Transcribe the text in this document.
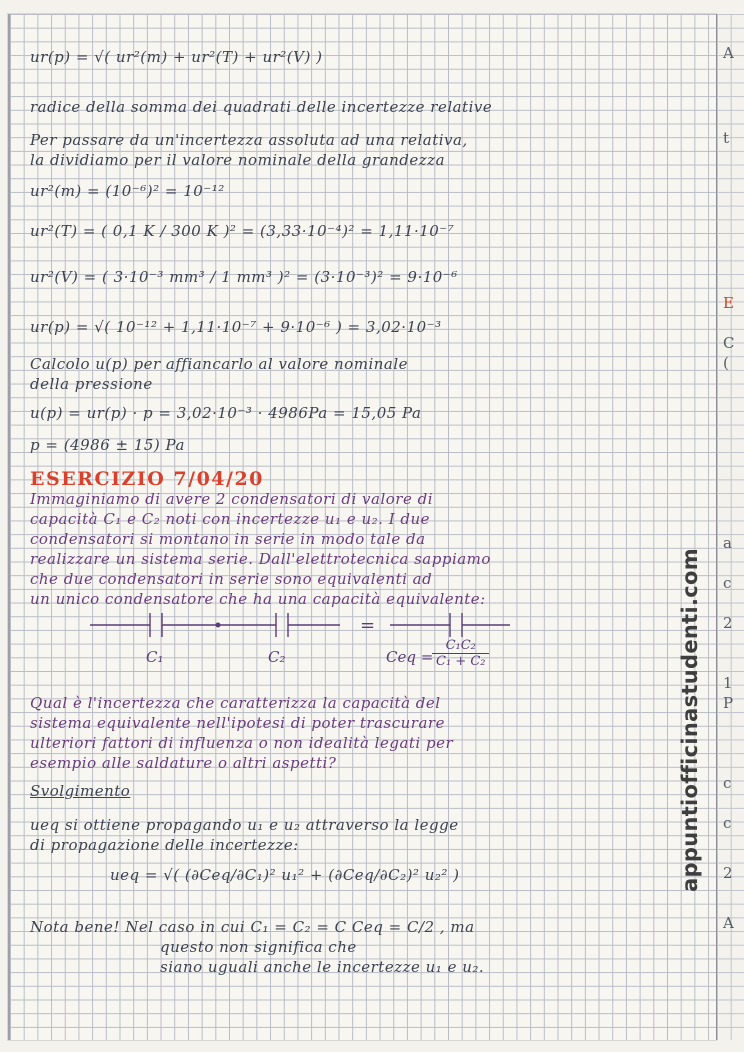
A
t
E
C
(
a
c
2
1
P
c
c
2
A
=
C₁	C₂	Ceq =
$\frac{\text{C₁C₂}}{\text{C₁ + C₂}}$	appuntiofficinastudenti.com
ur(p) = √( ur²(m) + ur²(T) + ur²(V) )
radice della somma dei quadrati delle incertezze relative
Per passare da un'incertezza assoluta ad una relativa,
la dividiamo per il valore nominale della grandezza
ur²(m) = (10⁻⁶)² = 10⁻¹²
ur²(T) = ( 0,1 K / 300 K )² = (3,33·10⁻⁴)² = 1,11·10⁻⁷
ur²(V) = ( 3·10⁻³ mm³ / 1 mm³ )² = (3·10⁻³)² = 9·10⁻⁶
ur(p) = √( 10⁻¹² + 1,11·10⁻⁷ + 9·10⁻⁶ ) = 3,02·10⁻³
Calcolo u(p) per affiancarlo al valore nominale
della pressione
u(p) = ur(p) · p = 3,02·10⁻³ · 4986Pa = 15,05 Pa
p = (4986 ± 15) Pa
ESERCIZIO 7/04/20
Immaginiamo di avere 2 condensatori di valore di
capacità C₁ e C₂ noti con incertezze u₁ e u₂. I due
condensatori si montano in serie in modo tale da
realizzare un sistema serie. Dall'elettrotecnica sappiamo
che due condensatori in serie sono equivalenti ad
un unico condensatore che ha una capacità equivalente:
Qual è l'incertezza che caratterizza la capacità del
sistema equivalente nell'ipotesi di poter trascurare
ulteriori fattori di influenza o non idealità legati per
esempio alle saldature o altri aspetti?
Svolgimento
ueq si ottiene propagando u₁ e u₂ attraverso la legge
di propagazione delle incertezze:
ueq = √( (∂Ceq/∂C₁)² u₁² + (∂Ceq/∂C₂)² u₂² )
Nota bene! Nel caso in cui C₁ = C₂ = C Ceq = C/2 , ma
questo non significa che
siano uguali anche le incertezze u₁ e u₂.
